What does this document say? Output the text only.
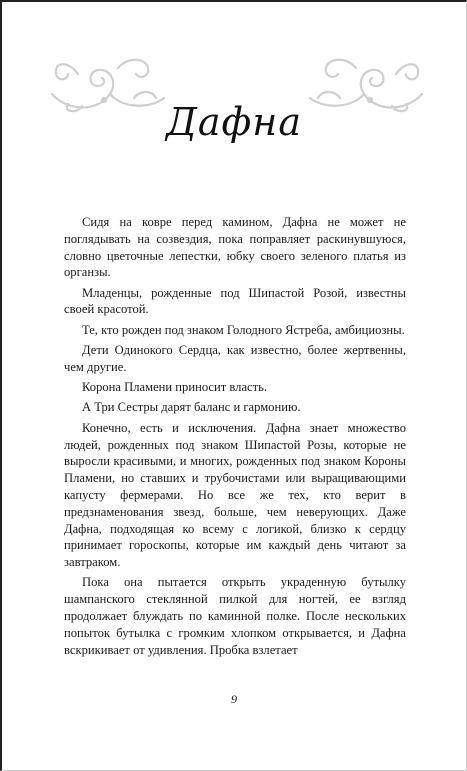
Дафна

Сидя на ковре перед камином, Дафна не может не поглядывать на созвездия, пока поправляет раскинувшуюся, словно цветочные лепестки, юбку своего зеленого платья из органзы.

Младенцы, рожденные под Шипастой Розой, известны своей красотой.

Те, кто рожден под знаком Голодного Ястреба, амбициозны.

Дети Одинокого Сердца, как известно, более жертвенны, чем другие.

Корона Пламени приносит власть.

А Три Сестры дарят баланс и гармонию.

Конечно, есть и исключения. Дафна знает множество людей, рожденных под знаком Шипастой Розы, которые не выросли красивыми, и многих, рожденных под знаком Короны Пламени, но ставших и трубочистами или выращивающими капусту фермерами. Но все же тех, кто верит в предзнаменования звезд, больше, чем неверующих. Даже Дафна, подходящая ко всему с логикой, близко к сердцу принимает гороскопы, которые им каждый день читают за завтраком.

Пока она пытается открыть украденную бутылку шампанского стеклянной пилкой для ногтей, ее взгляд продолжает блуждать по каминной полке. После нескольких попыток бутылка с громким хлопком открывается, и Дафна вскрикивает от удивления. Пробка взлетает

9
